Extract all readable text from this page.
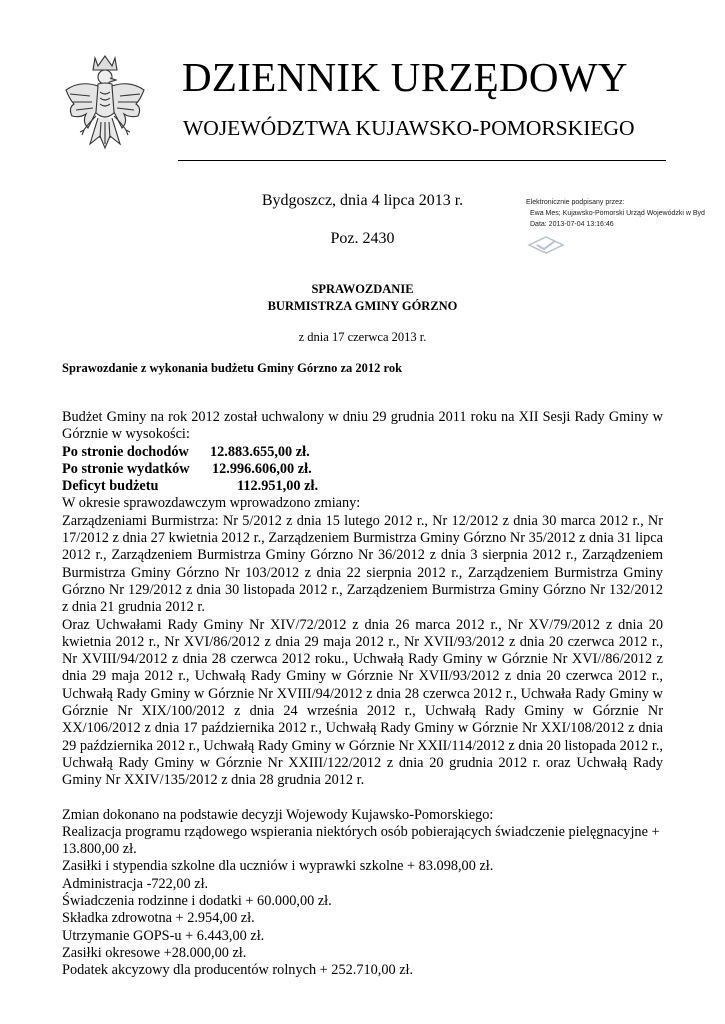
DZIENNIK URZĘDOWY
WOJEWÓDZTWA KUJAWSKO-POMORSKIEGO
Bydgoszcz, dnia 4 lipca 2013 r.
Poz. 2430
Elektronicznie podpisany przez:
Ewa Mes; Kujawsko-Pomorski Urząd Wojewódzki w Byd
Data: 2013-07-04 13:16:46
SPRAWOZDANIE
BURMISTRZA GMINY GÓRZNO
z dnia 17 czerwca 2013 r.
Sprawozdanie z wykonania budżetu Gminy Górzno za 2012 rok

Budżet Gminy na rok 2012 został uchwalony w dniu 29 grudnia 2011 roku na XII Sesji Rady Gminy w Górznie w wysokości:

Po stronie dochodów 12.883.655,00 zł.
Po stronie wydatków 12.996.606,00 zł.
Deficyt budżetu	112.951,00 zł.

W okresie sprawozdawczym wprowadzono zmiany:

Zarządzeniami Burmistrza: Nr 5/2012 z dnia 15 lutego 2012 r., Nr 12/2012 z dnia 30 marca 2012 r., Nr 17/2012 z dnia 27 kwietnia 2012 r., Zarządzeniem Burmistrza Gminy Górzno Nr 35/2012 z dnia 31 lipca 2012 r., Zarządzeniem Burmistrza Gminy Górzno Nr 36/2012 z dnia 3 sierpnia 2012 r., Zarządzeniem Burmistrza Gminy Górzno Nr 103/2012 z dnia 22 sierpnia 2012 r., Zarządzeniem Burmistrza Gminy Górzno Nr 129/2012 z dnia 30 listopada 2012 r., Zarządzeniem Burmistrza Gminy Górzno Nr 132/2012 z dnia 21 grudnia 2012 r.

Oraz Uchwałami Rady Gminy Nr XIV/72/2012 z dnia 26 marca 2012 r., Nr XV/79/2012 z dnia 20 kwietnia 2012 r., Nr XVI/86/2012 z dnia 29 maja 2012 r., Nr XVII/93/2012 z dnia 20 czerwca 2012 r., Nr XVIII/94/2012 z dnia 28 czerwca 2012 roku., Uchwałą Rady Gminy w Górznie Nr XVI//86/2012 z dnia 29 maja 2012 r., Uchwałą Rady Gminy w Górznie Nr XVII/93/2012 z dnia 20 czerwca 2012 r., Uchwałą Rady Gminy w Górznie Nr XVIII/94/2012 z dnia 28 czerwca 2012 r., Uchwała Rady Gminy w Górznie Nr XIX/100/2012 z dnia 24 września 2012 r., Uchwałą Rady Gminy w Górznie Nr XX/106/2012 z dnia 17 października 2012 r., Uchwałą Rady Gminy w Górznie Nr XXI/108/2012 z dnia 29 października 2012 r., Uchwałą Rady Gminy w Górznie Nr XXII/114/2012 z dnia 20 listopada 2012 r., Uchwałą Rady Gminy w Górznie Nr XXIII/122/2012 z dnia 20 grudnia 2012 r. oraz Uchwałą Rady Gminy Nr XXIV/135/2012 z dnia 28 grudnia 2012 r.

Zmian dokonano na podstawie decyzji Wojewody Kujawsko-Pomorskiego:

Realizacja programu rządowego wspierania niektórych osób pobierających świadczenie pielęgnacyjne + 13.800,00 zł.

Zasiłki i stypendia szkolne dla uczniów i wyprawki szkolne + 83.098,00 zł.

Administracja -722,00 zł.

Świadczenia rodzinne i dodatki + 60.000,00 zł.

Składka zdrowotna + 2.954,00 zł.

Utrzymanie GOPS-u + 6.443,00 zł.

Zasiłki okresowe +28.000,00 zł.

Podatek akcyzowy dla producentów rolnych + 252.710,00 zł.
